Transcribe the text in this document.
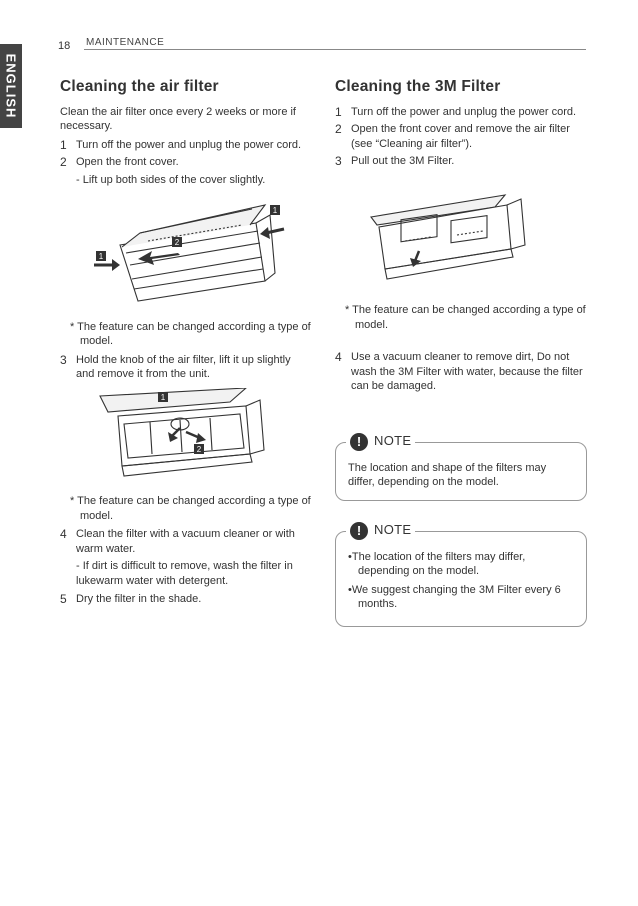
ENGLISH
18 MAINTENANCE
Cleaning the air filter

Clean the air filter once every 2 weeks or more if necessary.

1 Turn off the power and unplug the power cord.
2 Open the front cover.

- Lift up both sides of the cover slightly.

1
2
1

* The feature can be changed according a type of model.

3 Hold the knob of the air filter, lift it up slightly and remove it from the unit.
1
2

* The feature can be changed according a type of model.

4 Clean the filter with a vacuum cleaner or with warm water.

- If dirt is difficult to remove, wash the filter in lukewarm water with detergent.

5 Dry the filter in the shade.
Cleaning the 3M Filter
1 Turn off the power and unplug the power cord.
2 Open the front cover and remove the air filter (see “Cleaning air filter”).
3 Pull out the 3M Filter.

* The feature can be changed according a type of model.

4 Use a vacuum cleaner to remove dirt, Do not wash the 3M Filter with water, because the filter can be damaged.
! NOTE

The location and shape of the filters may differ, depending on the model.

! NOTE

• The location of the filters may differ, depending on the model.

• We suggest changing the 3M Filter every 6 months.
